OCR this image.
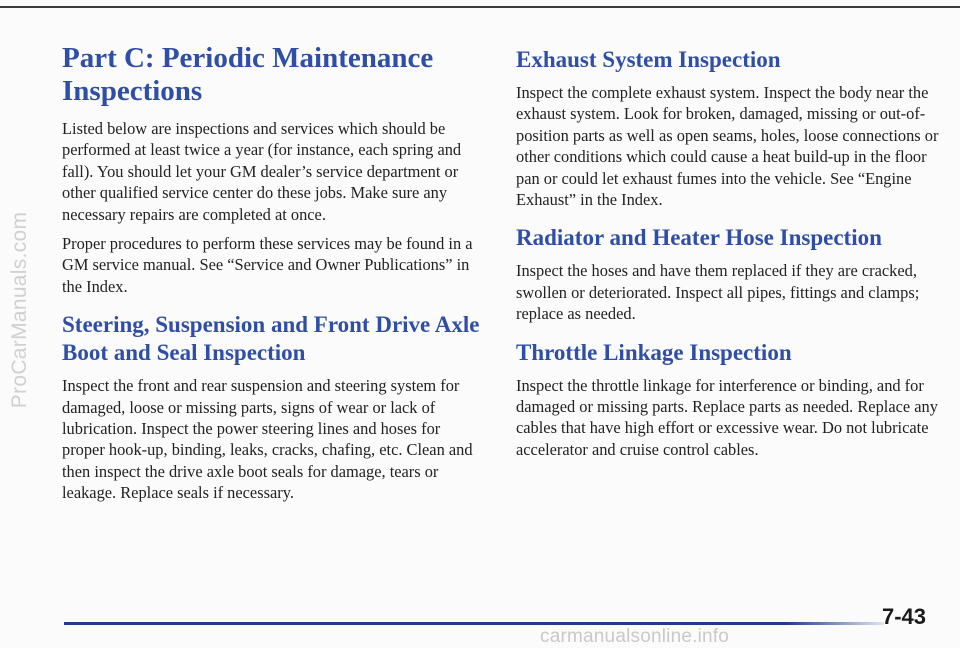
ProCarManuals.com
Part C: Periodic Maintenance Inspections

Listed below are inspections and services which should be performed at least twice a year (for instance, each spring and fall). You should let your GM dealer’s service department or other qualified service center do these jobs. Make sure any necessary repairs are completed at once.

Proper procedures to perform these services may be found in a GM service manual. See “Service and Owner Publications” in the Index.

Steering, Suspension and Front Drive Axle Boot and Seal Inspection

Inspect the front and rear suspension and steering system for damaged, loose or missing parts, signs of wear or lack of lubrication. Inspect the power steering lines and hoses for proper hook-up, binding, leaks, cracks, chafing, etc. Clean and then inspect the drive axle boot seals for damage, tears or leakage. Replace seals if necessary.

Exhaust System Inspection

Inspect the complete exhaust system. Inspect the body near the exhaust system. Look for broken, damaged, missing or out-of-position parts as well as open seams, holes, loose connections or other conditions which could cause a heat build-up in the floor pan or could let exhaust fumes into the vehicle. See “Engine Exhaust” in the Index.

Radiator and Heater Hose Inspection

Inspect the hoses and have them replaced if they are cracked, swollen or deteriorated. Inspect all pipes, fittings and clamps; replace as needed.

Throttle Linkage Inspection

Inspect the throttle linkage for interference or binding, and for damaged or missing parts. Replace parts as needed. Replace any cables that have high effort or excessive wear. Do not lubricate accelerator and cruise control cables.

7-43
carmanualsonline.info
